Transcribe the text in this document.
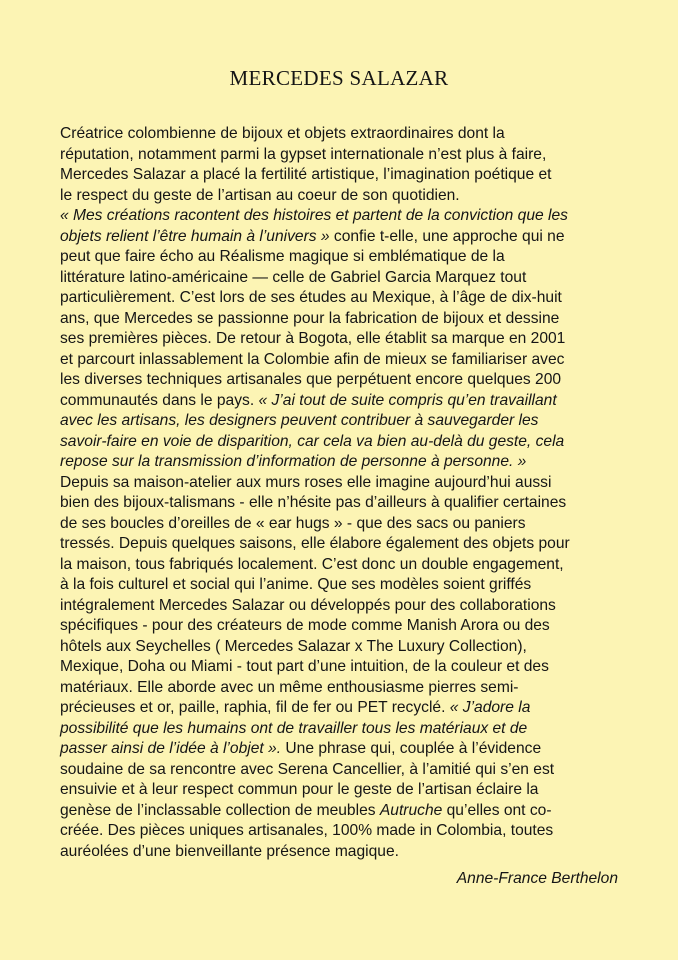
MERCEDES SALAZAR
Créatrice colombienne de bijoux et objets extraordinaires dont la
réputation, notamment parmi la gypset internationale n’est plus à faire,
Mercedes Salazar a placé la fertilité artistique, l’imagination poétique et
le respect du geste de l’artisan au coeur de son quotidien.
« Mes créations racontent des histoires et partent de la conviction que les
objets relient l’être humain à l’univers » confie t-elle, une approche qui ne
peut que faire écho au Réalisme magique si emblématique de la
littérature latino-américaine — celle de Gabriel Garcia Marquez tout
particulièrement. C’est lors de ses études au Mexique, à l’âge de dix-huit
ans, que Mercedes se passionne pour la fabrication de bijoux et dessine
ses premières pièces. De retour à Bogota, elle établit sa marque en 2001
et parcourt inlassablement la Colombie afin de mieux se familiariser avec
les diverses techniques artisanales que perpétuent encore quelques 200
communautés dans le pays. « J’ai tout de suite compris qu’en travaillant
avec les artisans, les designers peuvent contribuer à sauvegarder les
savoir-faire en voie de disparition, car cela va bien au-delà du geste, cela
repose sur la transmission d’information de personne à personne. »
Depuis sa maison-atelier aux murs roses elle imagine aujourd’hui aussi
bien des bijoux-talismans - elle n’hésite pas d’ailleurs à qualifier certaines
de ses boucles d’oreilles de « ear hugs » - que des sacs ou paniers
tressés. Depuis quelques saisons, elle élabore également des objets pour
la maison, tous fabriqués localement. C’est donc un double engagement,
à la fois culturel et social qui l’anime. Que ses modèles soient griffés
intégralement Mercedes Salazar ou développés pour des collaborations
spécifiques - pour des créateurs de mode comme Manish Arora ou des
hôtels aux Seychelles ( Mercedes Salazar x The Luxury Collection),
Mexique, Doha ou Miami - tout part d’une intuition, de la couleur et des
matériaux. Elle aborde avec un même enthousiasme pierres semi-
précieuses et or, paille, raphia, fil de fer ou PET recyclé. « J’adore la
possibilité que les humains ont de travailler tous les matériaux et de
passer ainsi de l’idée à l’objet ». Une phrase qui, couplée à l’évidence
soudaine de sa rencontre avec Serena Cancellier, à l’amitié qui s’en est
ensuivie et à leur respect commun pour le geste de l’artisan éclaire la
genèse de l’inclassable collection de meubles Autruche qu’elles ont co-
créée. Des pièces uniques artisanales, 100% made in Colombia, toutes
auréolées d’une bienveillante présence magique.

Anne-France Berthelon
